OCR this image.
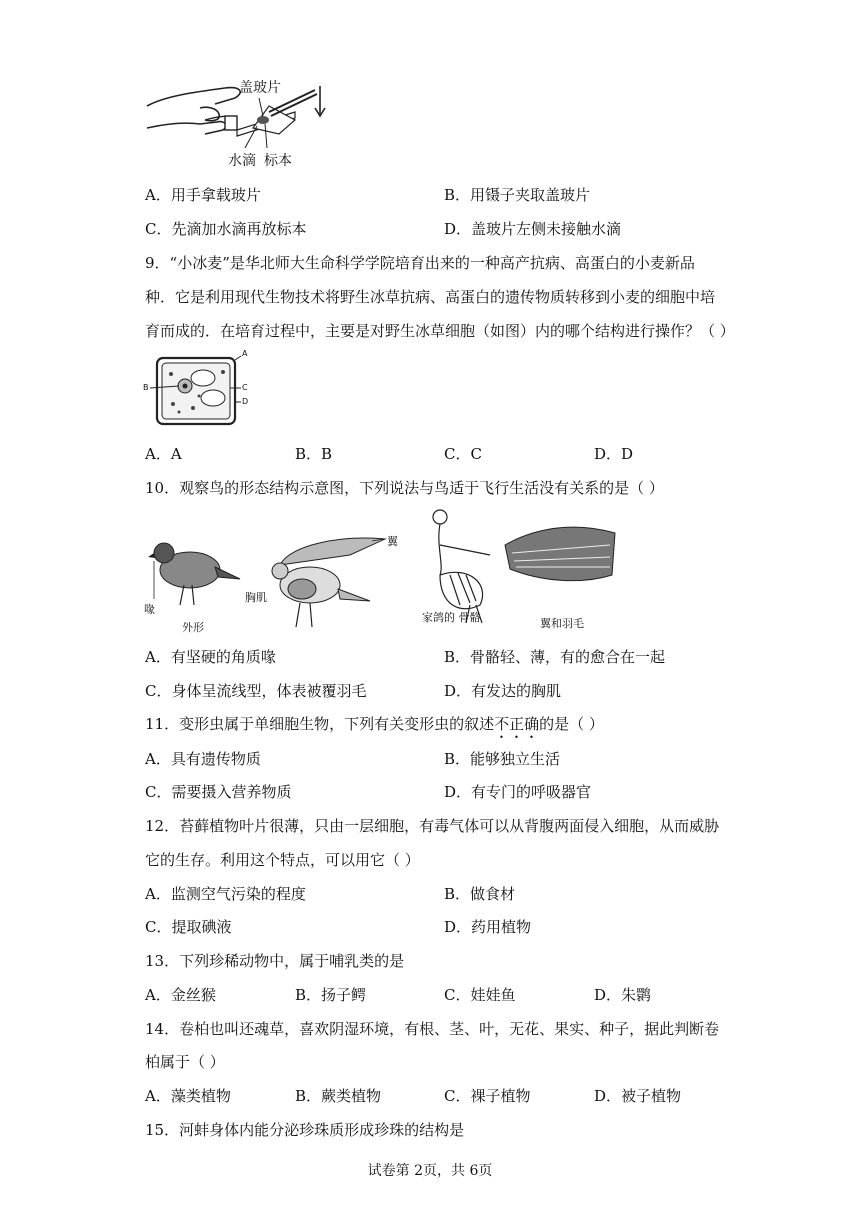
盖玻片
水滴 标本
A．用手拿载玻片	B．用镊子夹取盖玻片
C．先滴加水滴再放标本	D．盖玻片左侧未接触水滴
9．“小冰麦”是华北师大生命科学学院培育出来的一种高产抗病、高蛋白的小麦新品
种．它是利用现代生物技术将野生冰草抗病、高蛋白的遗传物质转移到小麦的细胞中培
育而成的．在培育过程中，主要是对野生冰草细胞（如图）内的哪个结构进行操作？（ ）
A
B	C
D
A．A	B．B	C．C	D．D
10．观察鸟的形态结构示意图，下列说法与鸟适于飞行生活没有关系的是（ ）
喙
外形
胸肌
翼
家鸽的 骨骼	翼和羽毛
A．有坚硬的角质喙	B．骨骼轻、薄，有的愈合在一起
C．身体呈流线型，体表被覆羽毛	D．有发达的胸肌
11．变形虫属于单细胞生物，下列有关变形虫的叙述不正确的是（ ）
A．具有遗传物质	B．能够独立生活
C．需要摄入营养物质	D．有专门的呼吸器官
12．苔藓植物叶片很薄，只由一层细胞，有毒气体可以从背腹两面侵入细胞，从而威胁
它的生存。利用这个特点，可以用它（ ）
A．监测空气污染的程度	B．做食材
C．提取碘液	D．药用植物
13．下列珍稀动物中，属于哺乳类的是
A．金丝猴	B．扬子鳄	C．娃娃鱼	D．朱鹮
14．卷柏也叫还魂草，喜欢阴湿环境，有根、茎、叶，无花、果实、种子，据此判断卷
柏属于（ ）
A．藻类植物	B．蕨类植物	C．裸子植物	D．被子植物
15．河蚌身体内能分泌珍珠质形成珍珠的结构是
试卷第 2页，共 6页
